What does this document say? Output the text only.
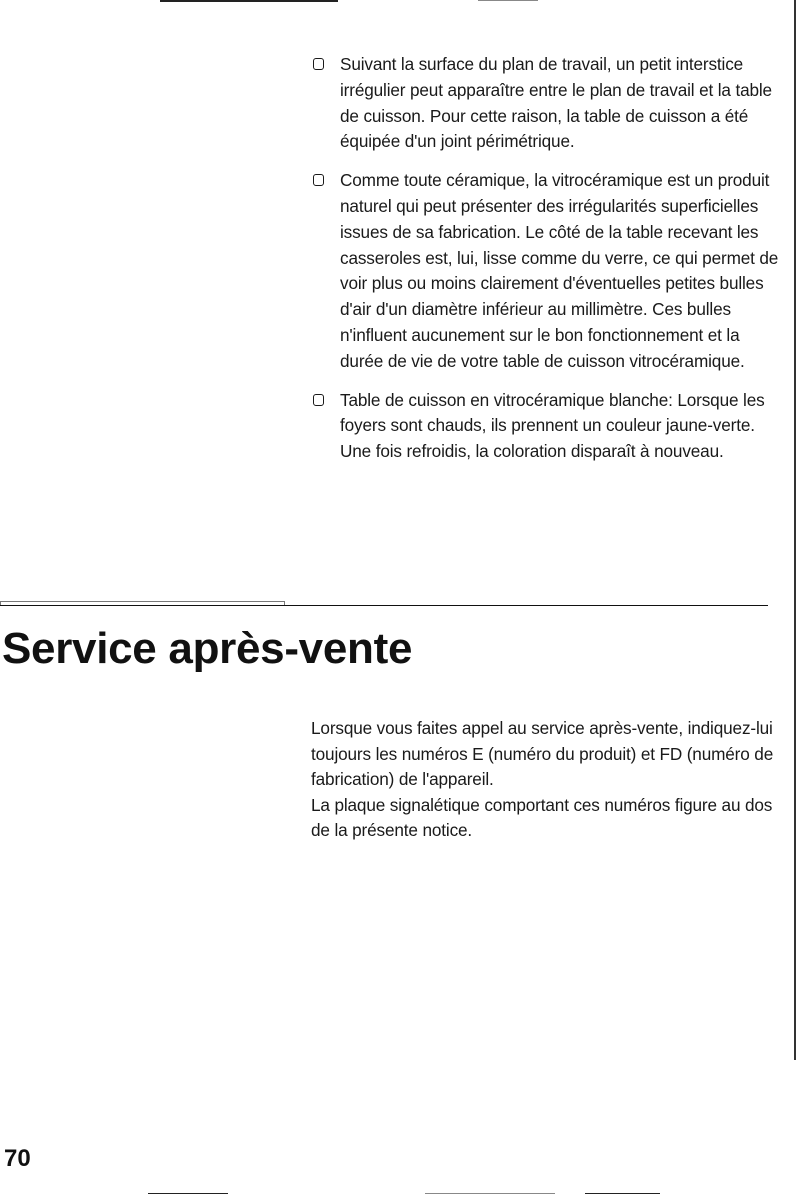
Suivant la surface du plan de travail, un petit interstice irrégulier peut apparaître entre le plan de travail et la table de cuisson. Pour cette raison, la table de cuisson a été équipée d'un joint périmétrique.
Comme toute céramique, la vitrocéramique est un produit naturel qui peut présenter des irrégularités superficielles issues de sa fabrication. Le côté de la table recevant les casseroles est, lui, lisse comme du verre, ce qui permet de voir plus ou moins clairement d'éventuelles petites bulles d'air d'un diamètre inférieur au millimètre. Ces bulles n'influent aucunement sur le bon fonctionnement et la durée de vie de votre table de cuisson vitrocéramique.
Table de cuisson en vitrocéramique blanche: Lorsque les foyers sont chauds, ils prennent un couleur jaune-verte. Une fois refroidis, la coloration disparaît à nouveau.
Service après-vente

Lorsque vous faites appel au service après-vente, indiquez-lui toujours les numéros E (numéro du produit) et FD (numéro de fabrication) de l'appareil.

La plaque signalétique comportant ces numéros figure au dos de la présente notice.

70
